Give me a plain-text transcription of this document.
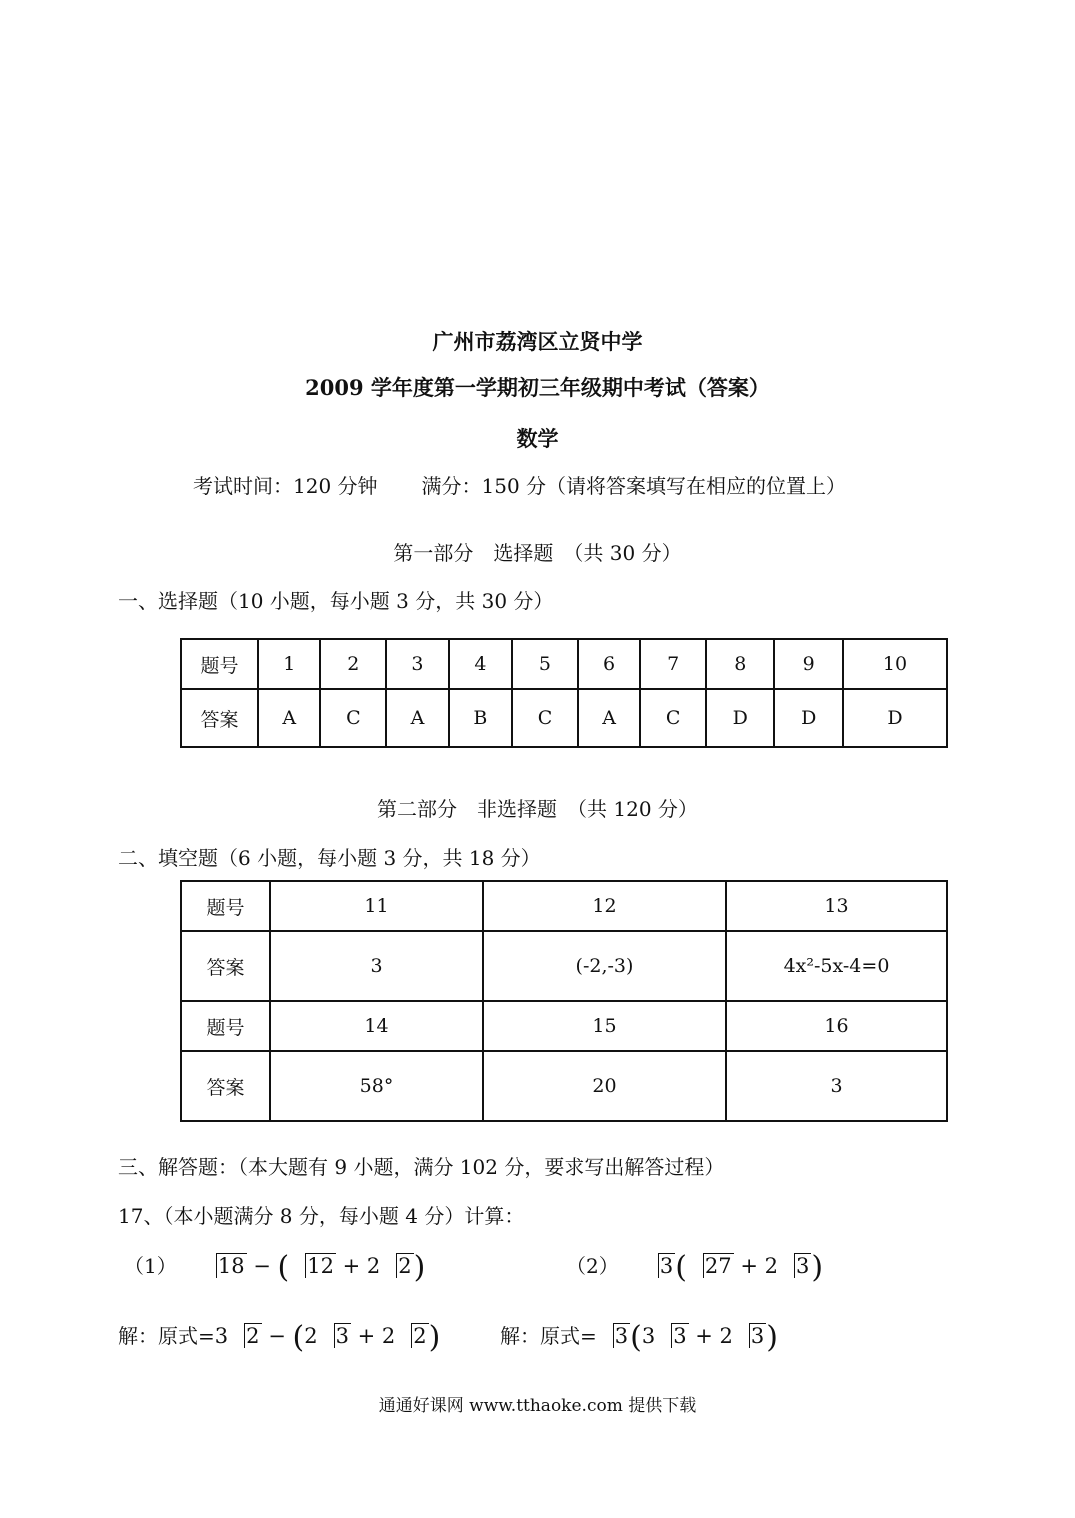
广州市荔湾区立贤中学
2009 学年度第一学期初三年级期中考试（答案）
数学
考试时间：120 分钟 满分：150 分（请将答案填写在相应的位置上）
第一部分　选择题　（共 30 分）
一、选择题（10 小题，每小题 3 分，共 30 分）
题号	1	2	3	4	5	6	7	8	9	10
答案	A	C	A	B	C	A	C	D	D	D
第二部分　非选择题　（共 120 分）
二、填空题（6 小题，每小题 3 分，共 18 分）
题号	11	12	13
答案	3	(-2,-3)	4x²-5x-4=0
题号	14	15	16
答案	58°	20	3
三、解答题：（本大题有 9 小题，满分 102 分，要求写出解答过程）
17、（本小题满分 8 分，每小题 4 分）计算：
（1） 18 − ( 12 + 2 2)	（2） 3( 27 + 2 3)
解：原式=3 2 − (2 3 + 2 2)	解：原式= 3(3 3 + 2 3)
通通好课网 www.tthaoke.com 提供下载
